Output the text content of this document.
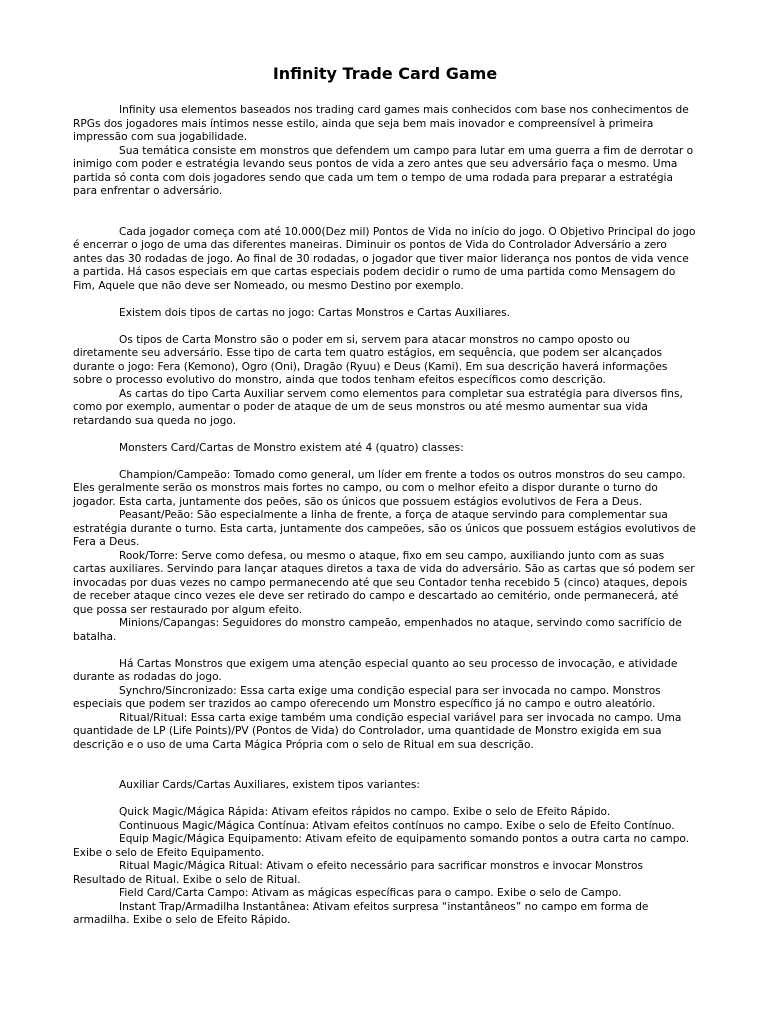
Infinity Trade Card Game

Infinity usa elementos baseados nos trading card games mais conhecidos com base nos conhecimentos de RPGs dos jogadores mais íntimos nesse estilo, ainda que seja bem mais inovador e compreensível à primeira impressão com sua jogabilidade.

Sua temática consiste em monstros que defendem um campo para lutar em uma guerra a fim de derrotar o inimigo com poder e estratégia levando seus pontos de vida a zero antes que seu adversário faça o mesmo. Uma partida só conta com dois jogadores sendo que cada um tem o tempo de uma rodada para preparar a estratégia para enfrentar o adversário.

Cada jogador começa com até 10.000(Dez mil) Pontos de Vida no início do jogo. O Objetivo Principal do jogo é encerrar o jogo de uma das diferentes maneiras. Diminuir os pontos de Vida do Controlador Adversário a zero antes das 30 rodadas de jogo. Ao final de 30 rodadas, o jogador que tiver maior liderança nos pontos de vida vence a partida. Há casos especiais em que cartas especiais podem decidir o rumo de uma partida como Mensagem do Fim, Aquele que não deve ser Nomeado, ou mesmo Destino por exemplo.

Existem dois tipos de cartas no jogo: Cartas Monstros e Cartas Auxiliares.

Os tipos de Carta Monstro são o poder em si, servem para atacar monstros no campo oposto ou diretamente seu adversário. Esse tipo de carta tem quatro estágios, em sequência, que podem ser alcançados durante o jogo: Fera (Kemono), Ogro (Oni), Dragão (Ryuu) e Deus (Kami). Em sua descrição haverá informações sobre o processo evolutivo do monstro, ainda que todos tenham efeitos específicos como descrição.

As cartas do tipo Carta Auxiliar servem como elementos para completar sua estratégia para diversos fins, como por exemplo, aumentar o poder de ataque de um de seus monstros ou até mesmo aumentar sua vida retardando sua queda no jogo.

Monsters Card/Cartas de Monstro existem até 4 (quatro) classes:

Champion/Campeão: Tomado como general, um líder em frente a todos os outros monstros do seu campo. Eles geralmente serão os monstros mais fortes no campo, ou com o melhor efeito a dispor durante o turno do jogador. Esta carta, juntamente dos peões, são os únicos que possuem estágios evolutivos de Fera a Deus.

Peasant/Peão: São especialmente a linha de frente, a força de ataque servindo para complementar sua estratégia durante o turno. Esta carta, juntamente dos campeões, são os únicos que possuem estágios evolutivos de Fera a Deus.

Rook/Torre: Serve como defesa, ou mesmo o ataque, fixo em seu campo, auxiliando junto com as suas cartas auxiliares. Servindo para lançar ataques diretos a taxa de vida do adversário. São as cartas que só podem ser invocadas por duas vezes no campo permanecendo até que seu Contador tenha recebido 5 (cinco) ataques, depois de receber ataque cinco vezes ele deve ser retirado do campo e descartado ao cemitério, onde permanecerá, até que possa ser restaurado por algum efeito.

Minions/Capangas: Seguidores do monstro campeão, empenhados no ataque, servindo como sacrifício de batalha.

Há Cartas Monstros que exigem uma atenção especial quanto ao seu processo de invocação, e atividade durante as rodadas do jogo.

Synchro/Sincronizado: Essa carta exige uma condição especial para ser invocada no campo. Monstros especiais que podem ser trazidos ao campo oferecendo um Monstro específico já no campo e outro aleatório.

Ritual/Ritual: Essa carta exige também uma condição especial variável para ser invocada no campo. Uma quantidade de LP (Life Points)/PV (Pontos de Vida) do Controlador, uma quantidade de Monstro exigida em sua descrição e o uso de uma Carta Mágica Própria com o selo de Ritual em sua descrição.

Auxiliar Cards/Cartas Auxiliares, existem tipos variantes:

Quick Magic/Mágica Rápida: Ativam efeitos rápidos no campo. Exibe o selo de Efeito Rápido.

Continuous Magic/Mágica Contínua: Ativam efeitos contínuos no campo. Exibe o selo de Efeito Contínuo.

Equip Magic/Mágica Equipamento: Ativam efeito de equipamento somando pontos a outra carta no campo. Exibe o selo de Efeito Equipamento.

Ritual Magic/Mágica Ritual: Ativam o efeito necessário para sacrificar monstros e invocar Monstros Resultado de Ritual. Exibe o selo de Ritual.

Field Card/Carta Campo: Ativam as mágicas específicas para o campo. Exibe o selo de Campo.

Instant Trap/Armadilha Instantânea: Ativam efeitos surpresa “instantâneos” no campo em forma de armadilha. Exibe o selo de Efeito Rápido.
